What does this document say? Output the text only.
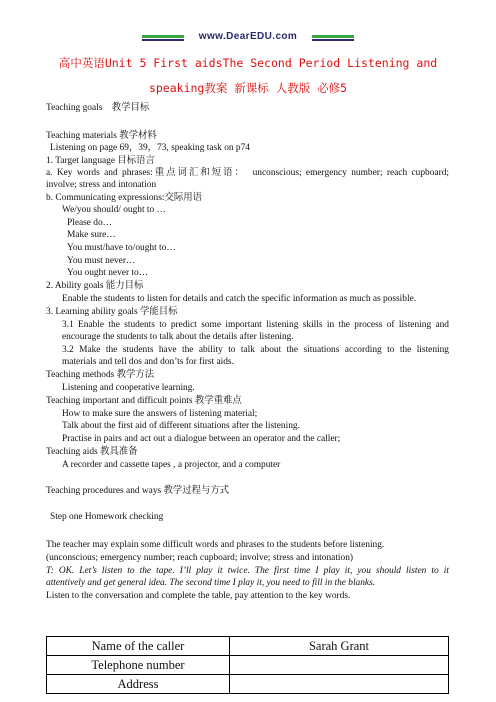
www.DearEDU.com
高中英语Unit 5 First aidsThe Second Period Listening and
speaking教案 新课标 人教版 必修5
Teaching goals　教学目标
Teaching materials 教学材料
Listening on page 69，39，73, speaking task on p74
1. Target language 目标语言
a. Key words and phrases:重点词汇和短语：　unconscious; emergency number; reach cupboard;
involve; stress and intonation
b. Communicating expressions:交际用语
We/you should/ ought to …
Please do…
Make sure…
You must/have to/ought to…
You must never…
You ought never to…
2. Ability goals 能力目标
Enable the students to listen for details and catch the specific information as much as possible.
3. Learning ability goals 学能目标
3.1 Enable the students to predict some important listening skills in the process of listening and
encourage the students to talk about the details after listening.
3.2 Make the students have the ability to talk about the situations according to the listening
materials and tell dos and don’ts for first aids.
Teaching methods 教学方法
Listening and cooperative learning.
Teaching important and difficult points 教学重难点
How to make sure the answers of listening material;
Talk about the first aid of different situations after the listening.
Practise in pairs and act out a dialogue between an operator and the caller;
Teaching aids 教具准备
A recorder and cassette tapes , a projector, and a computer
Teaching procedures and ways 教学过程与方式
Step one Homework checking
The teacher may explain some difficult words and phrases to the students before listening.
(unconscious; emergency number; reach cupboard; involve; stress and intonation)
T: OK. Let’s listen to the tape. I’ll play it twice. The first time I play it, you should listen to it
attentively and get general idea. The second time I play it, you need to fill in the blanks.
Listen to the conversation and complete the table, pay attention to the key words.
Name of the caller	Sarah Grant
Telephone number	
Address	
